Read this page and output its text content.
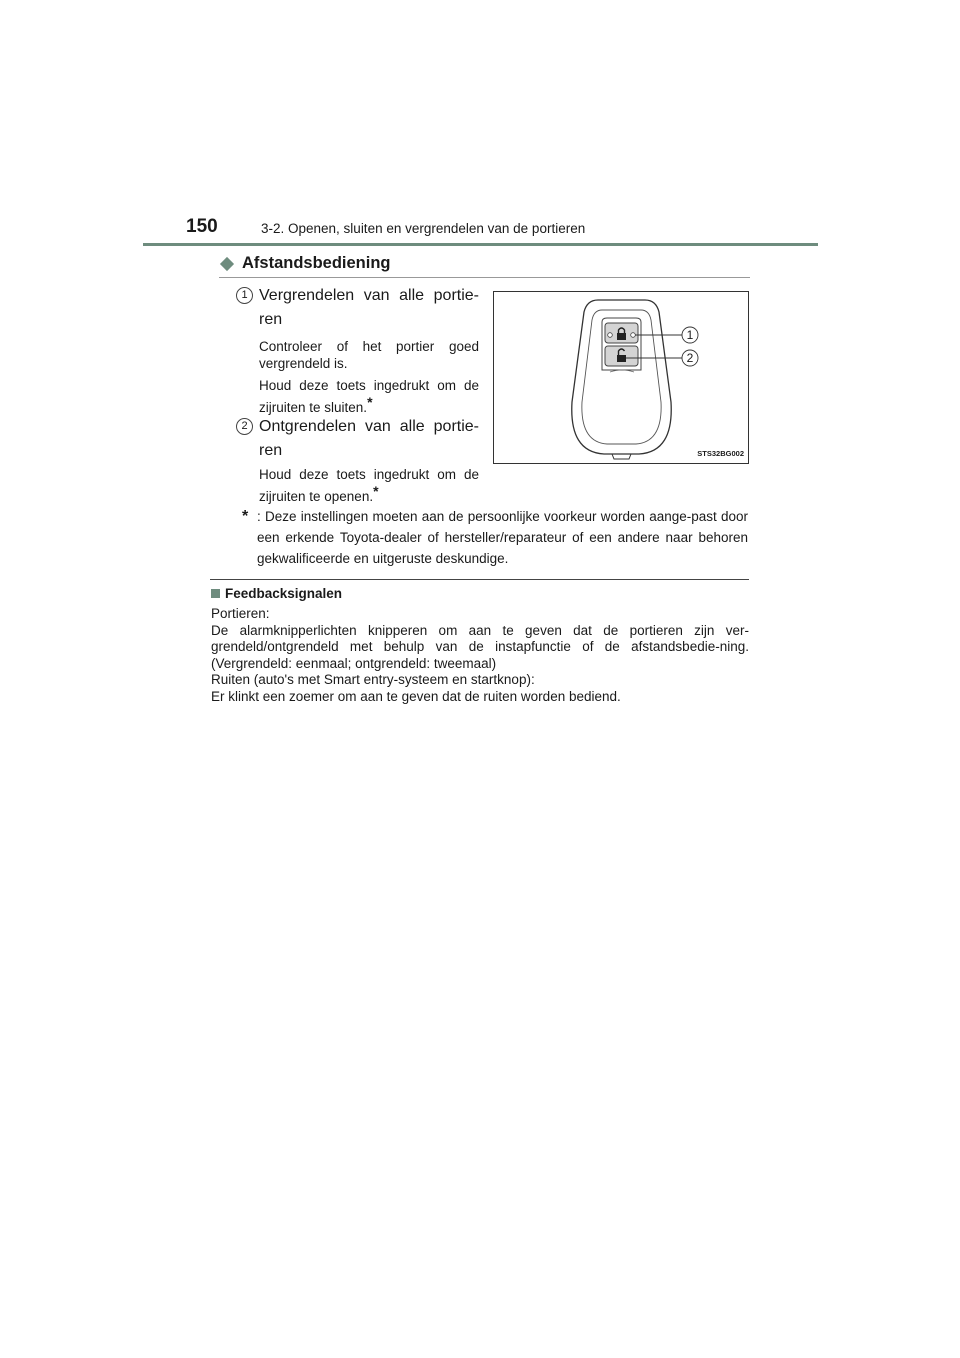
150	3-2. Openen, sluiten en vergrendelen van de portieren
Afstandsbediening
1 Vergrendelen van alle portie-ren
Controleer of het portier goed vergrendeld is.
Houd deze toets ingedrukt om de zijruiten te sluiten.*
2 Ontgrendelen van alle portie-ren
Houd deze toets ingedrukt om de zijruiten te openen.*
1
2
STS32BG002
* : Deze instellingen moeten aan de persoonlijke voorkeur worden aange-past door een erkende Toyota-dealer of hersteller/reparateur of een andere naar behoren gekwalificeerde en uitgeruste deskundige.
Feedbacksignalen
Portieren:
De alarmknipperlichten knipperen om aan te geven dat de portieren zijn ver-grendeld/ontgrendeld met behulp van de instapfunctie of de afstandsbedie-ning. (Vergrendeld: eenmaal; ontgrendeld: tweemaal)
Ruiten (auto's met Smart entry-systeem en startknop):
Er klinkt een zoemer om aan te geven dat de ruiten worden bediend.
